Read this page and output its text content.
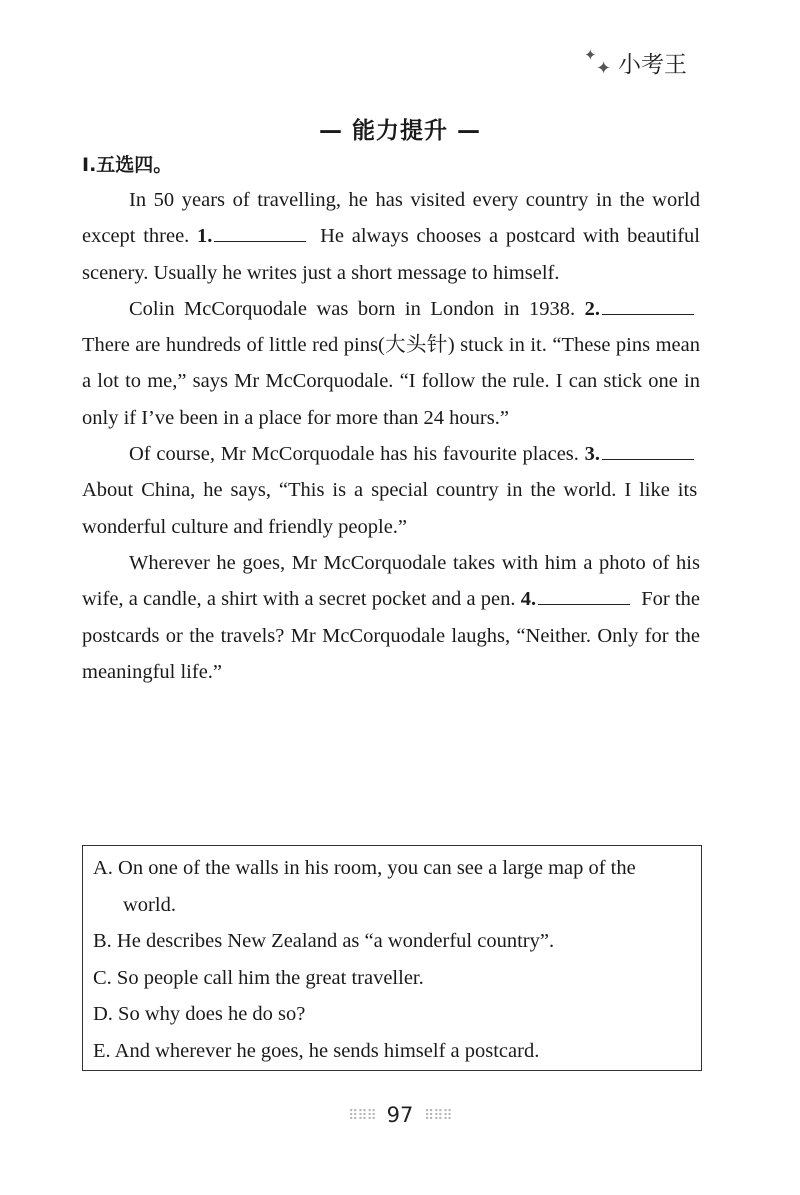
✦
✦ 小考王
— 能力提升 —
Ⅰ.五选四。

In 50 years of travelling, he has visited every country in the world except three. 1.	He always chooses a postcard with beautiful scenery. Usually he writes just a short message to himself.

Colin McCorquodale was born in London in 1938. 2. There are hundreds of little red pins(大头针) stuck in it. “These pins mean a lot to me,” says Mr McCorquodale. “I follow the rule. I can stick one in only if I’ve been in a place for more than 24 hours.”

Of course, Mr McCorquodale has his favourite places. 3. About China, he says, “This is a special country in the world. I like its wonderful culture and friendly people.”

Wherever he goes, Mr McCorquodale takes with him a photo of his wife, a candle, a shirt with a secret pocket and a pen. 4.	For the postcards or the travels? Mr McCorquodale laughs, “Neither. Only for the meaningful life.”

A. On one of the walls in his room, you can see a large map of the world.

B. He describes New Zealand as “a wonderful country”.

C. So people call him the great traveller.

D. So why does he do so?

E. And wherever he goes, he sends himself a postcard.

⠿⠿⠿ 97 ⠿⠿⠿
